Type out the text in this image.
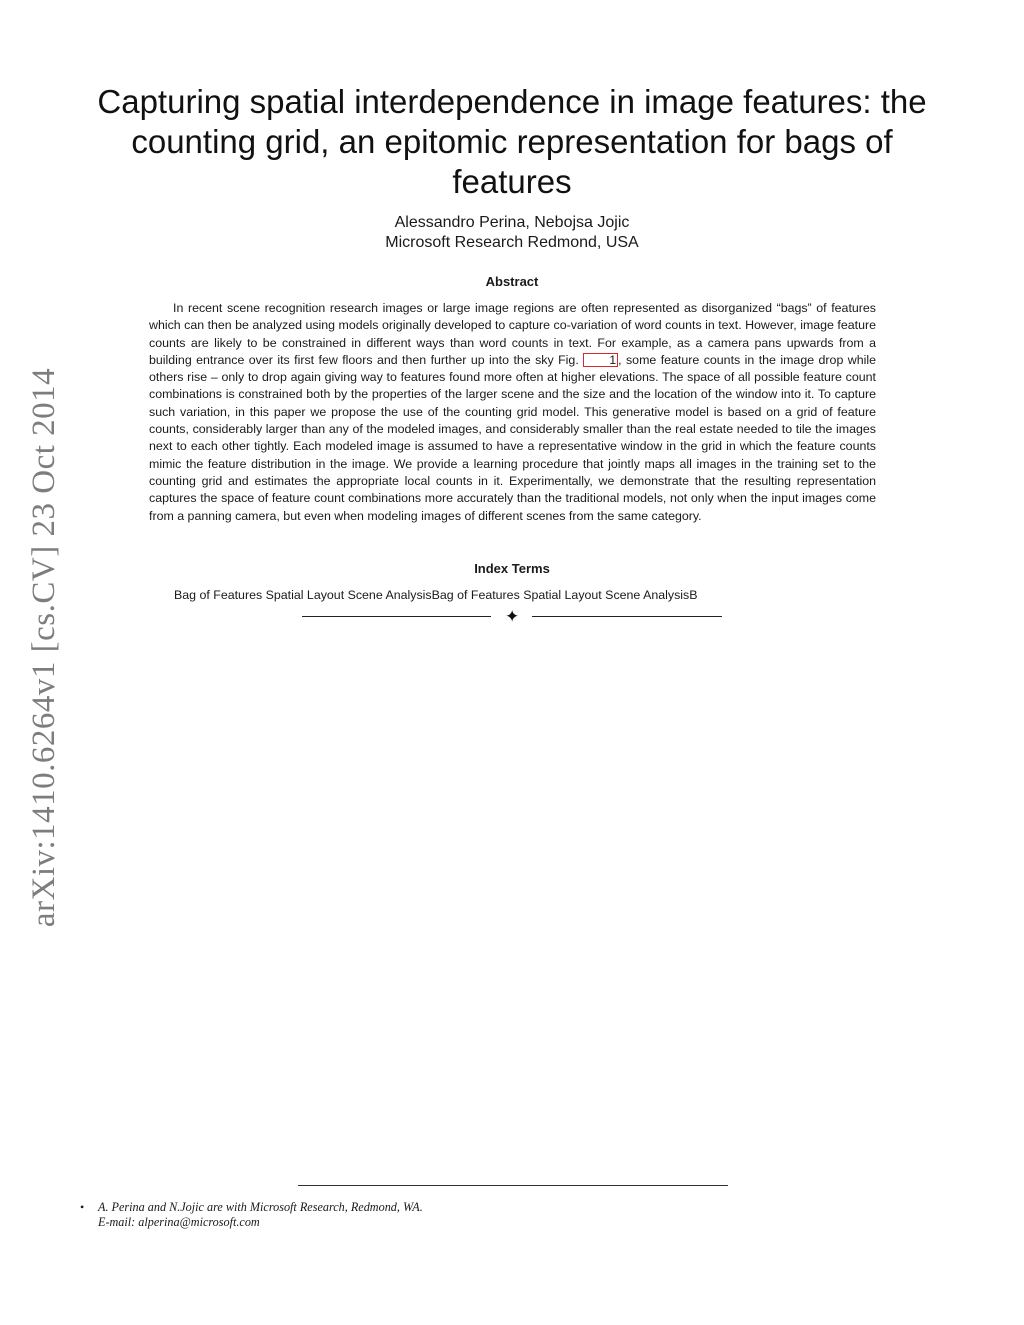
arXiv:1410.6264v1 [cs.CV] 23 Oct 2014
Capturing spatial interdependence in image features: the counting grid, an epitomic representation for bags of features
Alessandro Perina, Nebojsa Jojic
Microsoft Research Redmond, USA
Abstract

In recent scene recognition research images or large image regions are often represented as disorganized “bags” of features which can then be analyzed using models originally developed to capture co-variation of word counts in text. However, image feature counts are likely to be constrained in different ways than word counts in text. For example, as a camera pans upwards from a building entrance over its first few floors and then further up into the sky Fig. 1 , some feature counts in the image drop while others rise – only to drop again giving way to features found more often at higher elevations. The space of all possible feature count combinations is constrained both by the properties of the larger scene and the size and the location of the window into it. To capture such variation, in this paper we propose the use of the counting grid model. This generative model is based on a grid of feature counts, considerably larger than any of the modeled images, and considerably smaller than the real estate needed to tile the images next to each other tightly. Each modeled image is assumed to have a representative window in the grid in which the feature counts mimic the feature distribution in the image. We provide a learning procedure that jointly maps all images in the training set to the counting grid and estimates the appropriate local counts in it. Experimentally, we demonstrate that the resulting representation captures the space of feature count combinations more accurately than the traditional models, not only when the input images come from a panning camera, but even when modeling images of different scenes from the same category.

Index Terms
Bag of Features Spatial Layout Scene AnalysisBag of Features Spatial Layout Scene AnalysisB
✦
• A. Perina and N.Jojic are with Microsoft Research, Redmond, WA.
E-mail: alperina@microsoft.com
